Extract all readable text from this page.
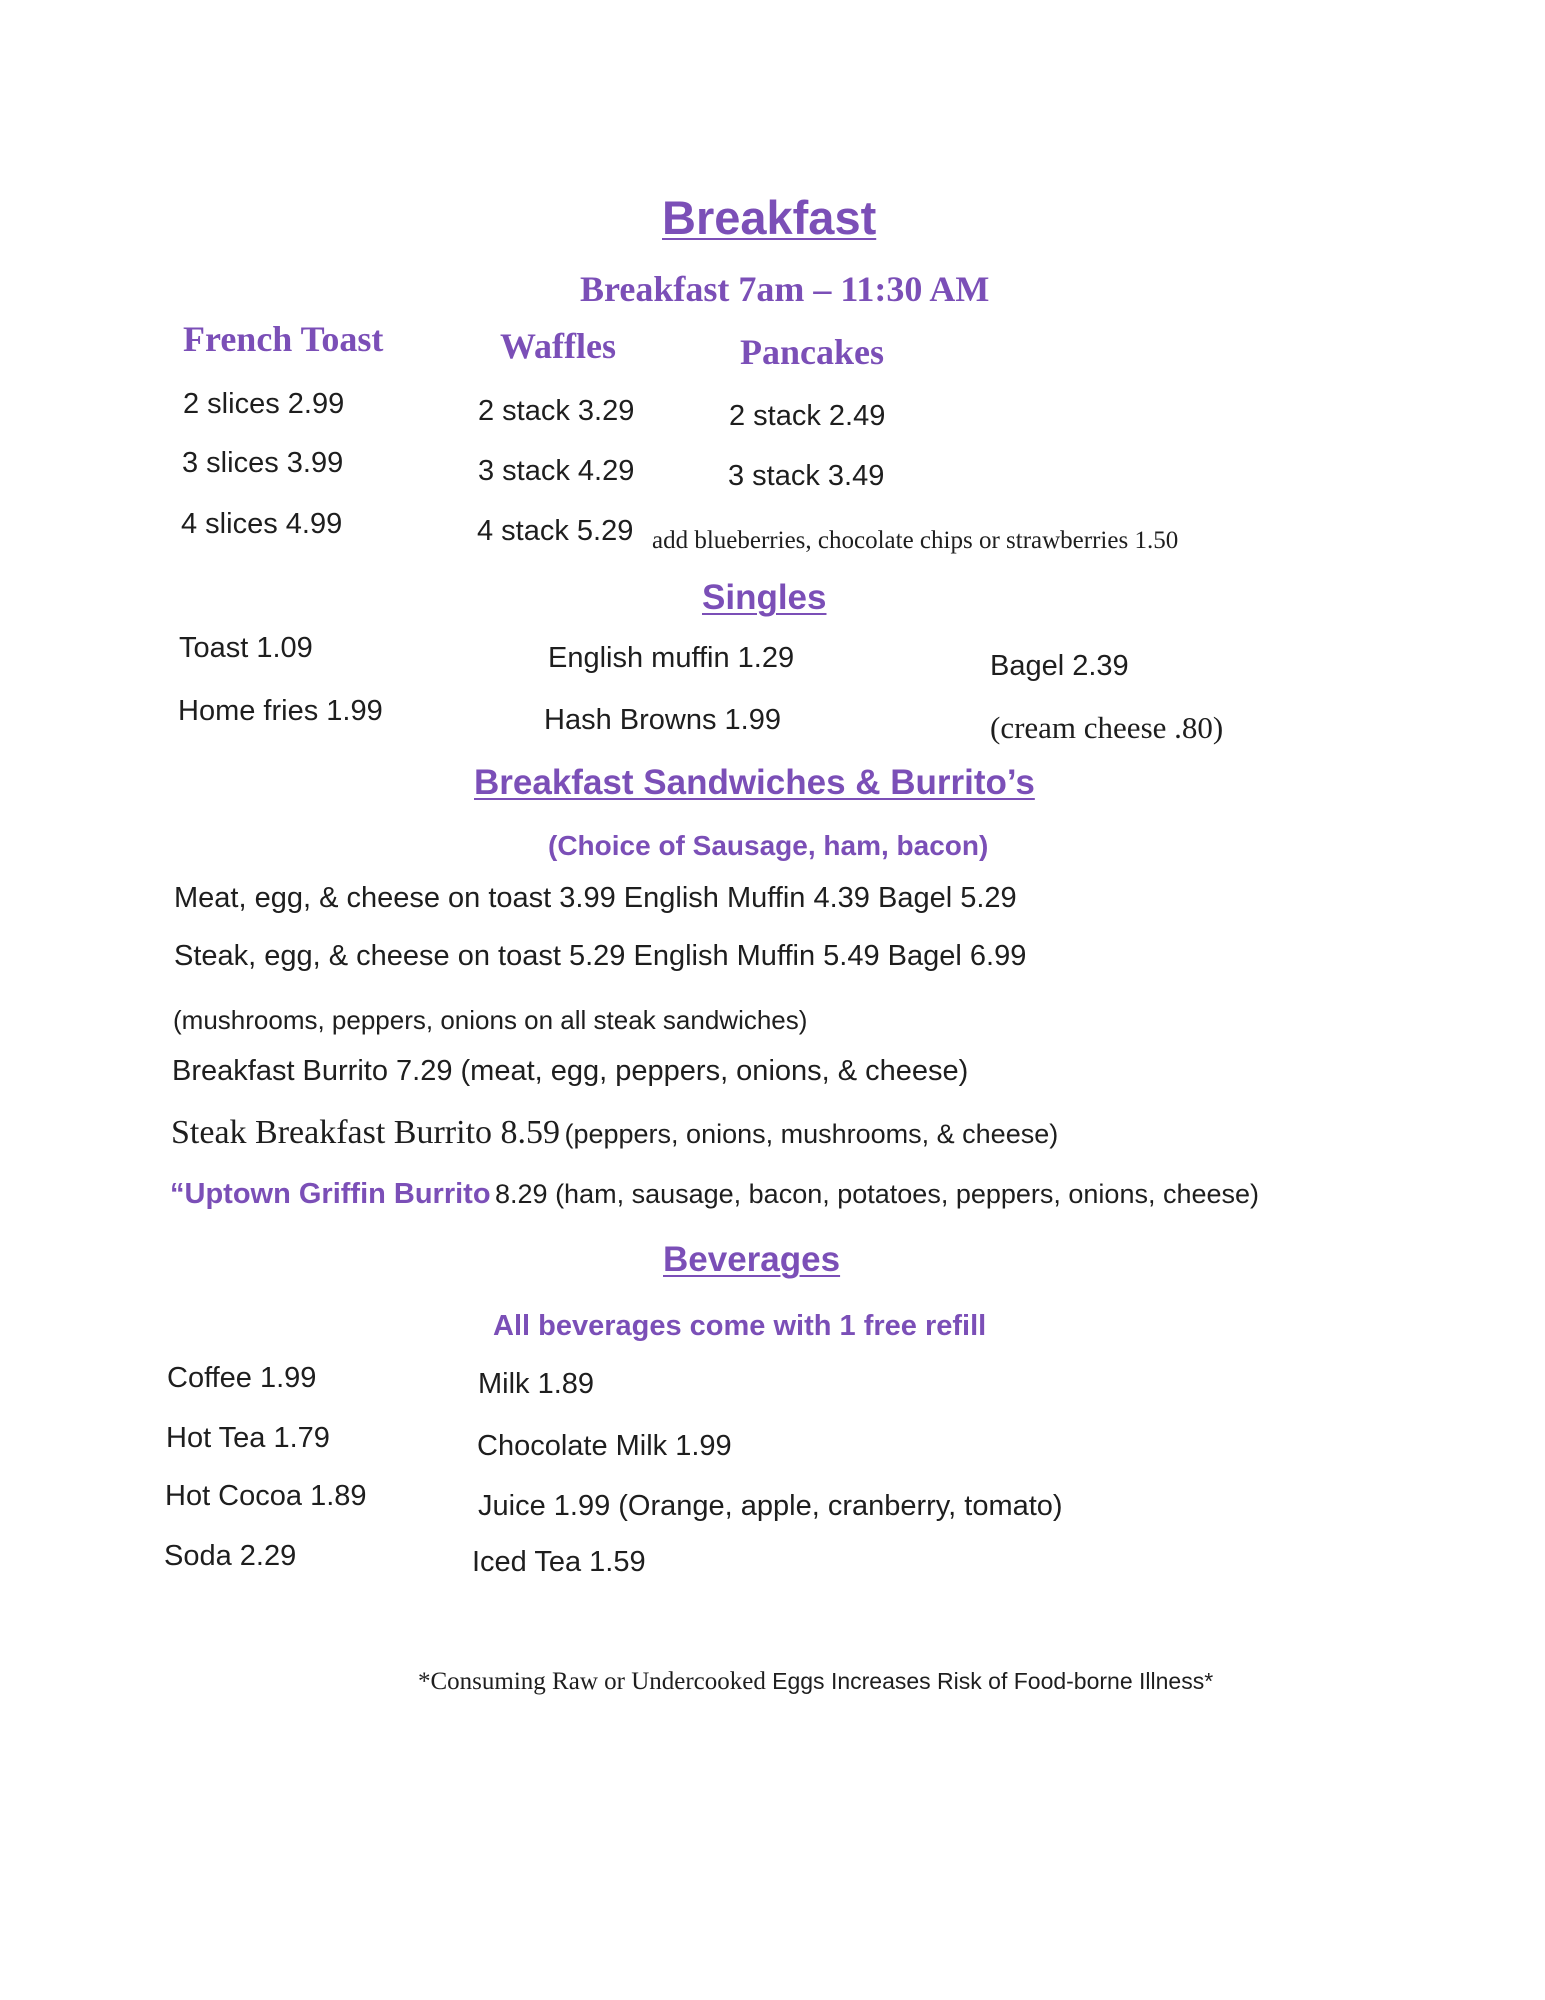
Breakfast
Breakfast 7am – 11:30 AM
French Toast	Waffles	Pancakes
2 slices 2.99
3 slices 3.99
4 slices 4.99
2 stack 3.29
3 stack 4.29
4 stack 5.29
2 stack 2.49
3 stack 3.49
add blueberries, chocolate chips or strawberries 1.50
Singles
Toast 1.09
Home fries 1.99
English muffin 1.29
Hash Browns 1.99
Bagel 2.39
(cream cheese .80)
Breakfast Sandwiches & Burrito’s
(Choice of Sausage, ham, bacon)
Meat, egg, & cheese on toast 3.99 English Muffin 4.39 Bagel 5.29
Steak, egg, & cheese on toast 5.29 English Muffin 5.49 Bagel 6.99
(mushrooms, peppers, onions on all steak sandwiches)
Breakfast Burrito 7.29 (meat, egg, peppers, onions, & cheese)
Steak Breakfast Burrito 8.59 (peppers, onions, mushrooms, & cheese)
“Uptown Griffin Burrito 8.29 (ham, sausage, bacon, potatoes, peppers, onions, cheese)
Beverages
All beverages come with 1 free refill
Coffee 1.99
Hot Tea 1.79
Hot Cocoa 1.89
Soda 2.29
Milk 1.89
Chocolate Milk 1.99
Juice 1.99 (Orange, apple, cranberry, tomato)
Iced Tea 1.59
*Consuming Raw or Undercooked Eggs Increases Risk of Food-borne Illness*
